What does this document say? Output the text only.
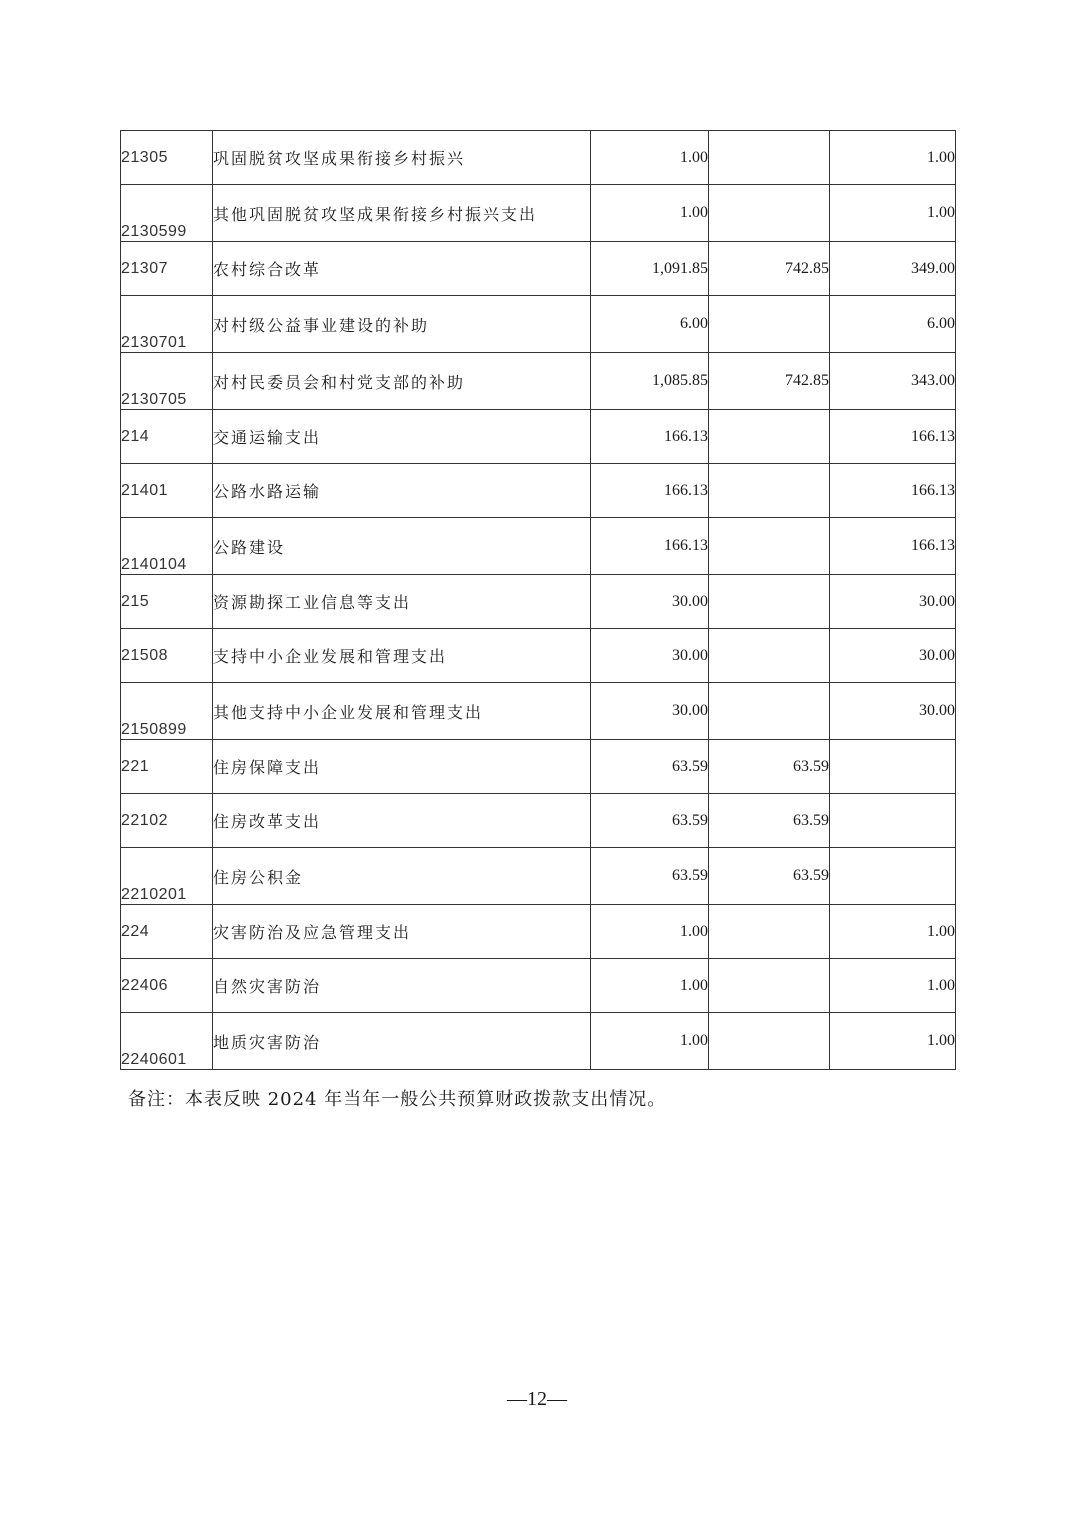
21305	巩固脱贫攻坚成果衔接乡村振兴	1.00		1.00
2130599	其他巩固脱贫攻坚成果衔接乡村振兴支出	1.00		1.00
21307	农村综合改革	1,091.85	742.85	349.00
2130701	对村级公益事业建设的补助	6.00		6.00
2130705	对村民委员会和村党支部的补助	1,085.85	742.85	343.00
214	交通运输支出	166.13		166.13
21401	公路水路运输	166.13		166.13
2140104	公路建设	166.13		166.13
215	资源勘探工业信息等支出	30.00		30.00
21508	支持中小企业发展和管理支出	30.00		30.00
2150899	其他支持中小企业发展和管理支出	30.00		30.00
221	住房保障支出	63.59	63.59	
22102	住房改革支出	63.59	63.59	
2210201	住房公积金	63.59	63.59	
224	灾害防治及应急管理支出	1.00		1.00
22406	自然灾害防治	1.00		1.00
2240601	地质灾害防治	1.00		1.00
备注：本表反映 2024 年当年一般公共预算财政拨款支出情况。
—12—
